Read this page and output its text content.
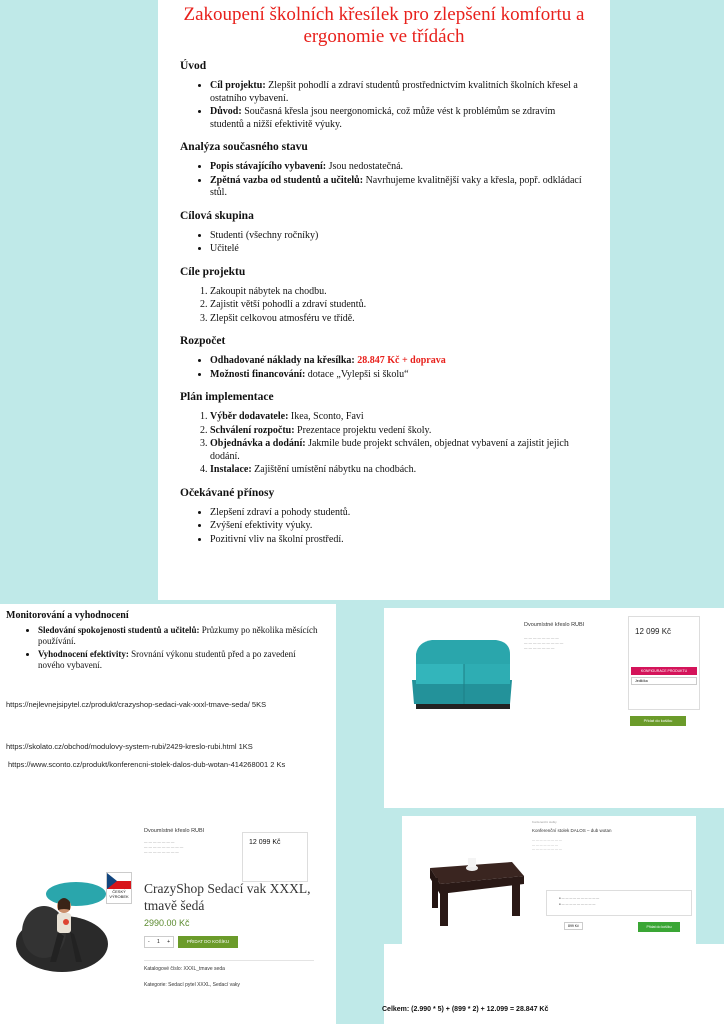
Zakoupení školních křesílek pro zlepšení komfortu a ergonomie ve třídách
Úvod
• Cíl projektu: Zlepšit pohodlí a zdraví studentů prostřednictvím kvalitních školních křesel a ostatního vybavení.
• Důvod: Současná křesla jsou neergonomická, což může vést k problémům se zdravím studentů a nižší efektivitě výuky.
Analýza současného stavu
• Popis stávajícího vybavení: Jsou nedostatečná.
• Zpětná vazba od studentů a učitelů: Navrhujeme kvalitnější vaky a křesla, popř. odkládací stůl.
Cílová skupina
• Studenti (všechny ročníky)
• Učitelé
Cíle projektu
1. Zakoupit nábytek na chodbu.
2. Zajistit větší pohodlí a zdraví studentů.
3. Zlepšit celkovou atmosféru ve třídě.
Rozpočet
• Odhadované náklady na křesílka: 28.847 Kč + doprava
• Možnosti financování: dotace „Vylepši si školu“
Plán implementace
1. Výběr dodavatele: Ikea, Sconto, Favi
2. Schválení rozpočtu: Prezentace projektu vedení školy.
3. Objednávka a dodání: Jakmile bude projekt schválen, objednat vybavení a zajistit jejich dodání.
4. Instalace: Zajištění umístění nábytku na chodbách.
Očekávané přínosy
• Zlepšení zdraví a pohody studentů.
• Zvýšení efektivity výuky.
• Pozitivní vliv na školní prostředí.
Monitorování a vyhodnocení
• Sledování spokojenosti studentů a učitelů: Průzkumy po několika měsících používání.
• Vyhodnocení efektivity: Srovnání výkonu studentů před a po zavedení nového vybavení.
https://nejlevnejsipytel.cz/produkt/crazyshop-sedaci-vak-xxxl-tmave-seda/ 5KS
https://skolato.cz/obchod/modulovy-system-rubi/2429-kreslo-rubi.html 1KS
https://www.sconto.cz/produkt/konferencni-stolek-dalos-dub-wotan-414268001 2 Ks
Dvoumístné křeslo RUBI
— — — — — — —
— — — — — — — — —
— — — — — — — —
12 099 Kč
ČESKÝ VÝROBEK
CrazyShop Sedací vak XXXL, tmavě šedá
2990.00 Kč
- 1 +	PŘIDAT DO KOŠÍKU
Katalogové číslo: XXXL_tmave seda
Kategorie: Sedací pytel XXXL, Sedací vaky
Dvoumístné křeslo RUBI
— — — — — — — —
— — — — — — — — —
— — — — — — —
12 099 Kč
KONFIGURACE PRODUKTU
Jedlička
Přidat do košíku
Konferenční stolky
Konferenční stolek DALOS – dub wotan
— — — — — — — —
— — — — — — —
— — — — — — — —
● — — — — — — — — — —
● — — — — — — — — —
899 Kč	Přidat do košíku
Celkem: (2.990 * 5) + (899 * 2) + 12.099 = 28.847 Kč
